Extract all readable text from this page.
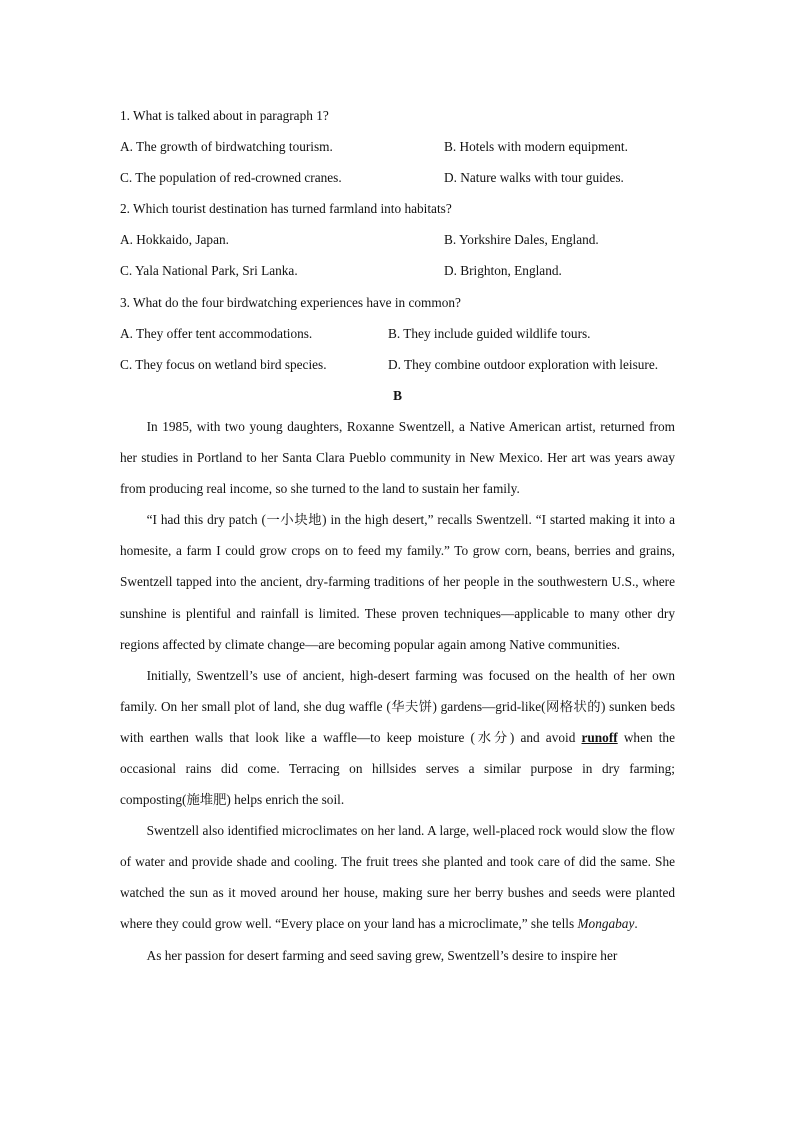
1. What is talked about in paragraph 1?
A. The growth of birdwatching tourism.	B. Hotels with modern equipment.
C. The population of red-crowned cranes.	D. Nature walks with tour guides.
2. Which tourist destination has turned farmland into habitats?
A. Hokkaido, Japan.	B. Yorkshire Dales, England.
C. Yala National Park, Sri Lanka.	D. Brighton, England.
3. What do the four birdwatching experiences have in common?
A. They offer tent accommodations.	B. They include guided wildlife tours.
C. They focus on wetland bird species.	D. They combine outdoor exploration with leisure.
B

In 1985, with two young daughters, Roxanne Swentzell, a Native American artist, returned from her studies in Portland to her Santa Clara Pueblo community in New Mexico. Her art was years away from producing real income, so she turned to the land to sustain her family.

“I had this dry patch (一小块地) in the high desert,” recalls Swentzell. “I started making it into a homesite, a farm I could grow crops on to feed my family.” To grow corn, beans, berries and grains, Swentzell tapped into the ancient, dry-farming traditions of her people in the southwestern U.S., where sunshine is plentiful and rainfall is limited. These proven techniques—applicable to many other dry regions affected by climate change—are becoming popular again among Native communities.

Initially, Swentzell’s use of ancient, high-desert farming was focused on the health of her own family. On her small plot of land, she dug waffle (华夫饼) gardens—grid-like(网格状的) sunken beds with earthen walls that look like a waffle—to keep moisture (水分) and avoid runoff when the occasional rains did come. Terracing on hillsides serves a similar purpose in dry farming; composting(施堆肥) helps enrich the soil.

Swentzell also identified microclimates on her land. A large, well-placed rock would slow the flow of water and provide shade and cooling. The fruit trees she planted and took care of did the same. She watched the sun as it moved around her house, making sure her berry bushes and seeds were planted where they could grow well. “Every place on your land has a microclimate,” she tells Mongabay.

As her passion for desert farming and seed saving grew, Swentzell’s desire to inspire her
